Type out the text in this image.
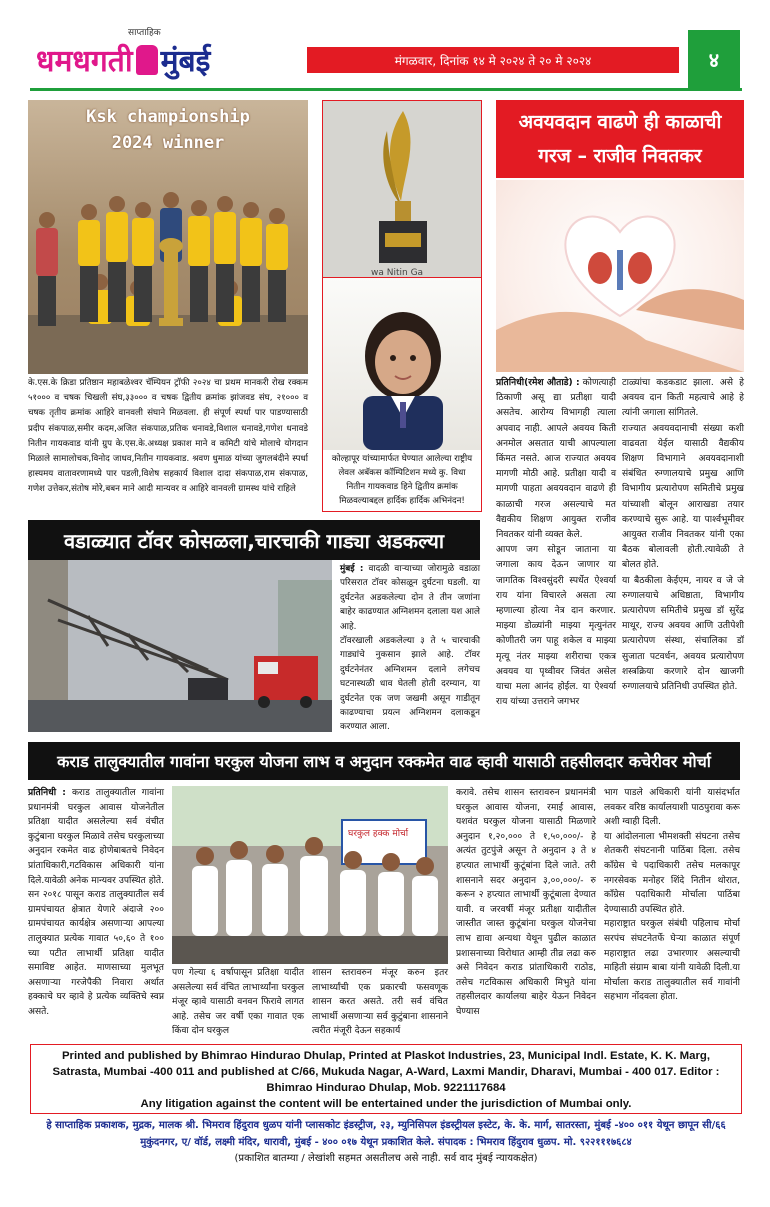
साप्ताहिक
धमधगती मुंबई	मंगळवार, दिनांक १४ मे २०२४ ते २० मे २०२४	४
Ksk championship
2024 winner
के.एस.के क्रिडा प्रतिष्ठान महाबळेश्वर चॅम्पियन ट्रॉफी २०२४ चा प्रथम मानकरी रोख रक्कम ५१००० व चषक चिखली संघ,३३००० व चषक द्वितीय क्रमांक झांजवड संघ, २१००० व चषक तृतीय क्रमांक आहिरे वानवली संघाने मिळवला. ही संपूर्ण स्पर्धा पार पाडण्यासाठी प्रदीप संकपाळ,समीर कदम,अजित संकपाळ,प्रतिक धनावडे,विशाल धनावडे,गणेश धनावडे नितीन गायकवाड यांनी ग्रुप के.एस.के.अध्यक्ष प्रकाश माने व कमिटी यांचे मोलाचे योगदान मिळाले सामालोचक,विनोद जाधव,नितीन गायकवाड. श्रवण धुमाळ यांच्या जुगलबंदीने स्पर्धा हास्यमय वातावरणामध्ये पार पडली,विशेष सहकार्य विशाल दादा संकपाळ,राम संकपाळ, गणेश उत्तेकर,संतोष मोरे,बबन माने आदी मान्यवर व आहिरे वानवली ग्रामस्थ यांचे राहिले
wa Nitin Ga
कोल्हापूर यांच्यामार्फत घेण्यात आलेल्या राष्ट्रीय लेवल अबॅकस कॉम्पिटिशन मध्ये कु. विधा नितीन गायकवाड हिने द्वितीय क्रमांक मिळवल्याबद्दल हार्दिक हार्दिक अभिनंदन!
अवयवदान वाढणे ही काळाची
गरज – राजीव निवतकर
प्रतिनिधी(रमेश औताडे) : कोणत्याही ठिकाणी असू द्या प्रतीक्षा यादी असतेच. आरोग्य विभागही त्याला अपवाद नाही. आपले अवयव किती अनमोल असतात याची आपल्याला किंमत नसते. आज राज्यात अवयव मागणी मोठी आहे. प्रतीक्षा यादी व मागणी पाहता अवयवदान वाढणे ही काळाची गरज असल्याचे मत वैद्यकीय शिक्षण आयुक्त राजीव निवतकर यांनी व्यक्त केले.
आपण जग सोडून जाताना या जगाला काय देऊन जाणार या जागतिक विश्वसुंदरी स्पर्धेत ऐश्वर्या राय यांना विचारले असता त्या म्हणाल्या होत्या नेत्र दान करणार. माझ्या डोळ्यांनी माझ्या मृत्युनंतर कोणीतरी जग पाहू शकेल व माझ्या मृत्यू नंतर माझ्या शरीराचा एकत्र अवयव या पृथ्वीवर जिवंत असेल याचा मला आनंद होईल. या ऐश्वर्या राय यांच्या उत्तराने जगभर
टाळ्यांचा कडकडाट झाला. असे हे अवयव दान किती महत्वाचे आहे हे त्यांनी जगाला सांगितले.
राज्यात अवयवदानाची संख्या कशी वाढवता येईल यासाठी वैद्यकीय शिक्षण विभागाने अवयवदानाशी संबंधित रुग्णालयाचे प्रमुख आणि विभागीय प्रत्यारोपण समितीचे प्रमुख यांच्याशी बोलून आराखडा तयार करण्याचे सुरू आहे. या पार्श्वभूमीवर आयुक्त राजीव निवतकर यांनी एका बैठक बोलावली होती.त्यावेळी ते बोलत होते.
या बैठकीला केईएम, नायर व जे जे रुग्णालयाचे अधिष्ठाता, विभागीय प्रत्यारोपण समितीचे प्रमुख डॉ सुरेंद्र माथूर, राज्य अवयव आणि उतीपेशी प्रत्यारोपण संस्था, संचालिका डॉ सुजाता पटवर्धन, अवयव प्रत्यारोपण शस्त्रक्रिया करणारे दोन खाजगी रुग्णालयाचे प्रतिनिधी उपस्थित होते.
वडाळ्यात टॉवर कोसळला,चारचाकी गाड्या अडकल्या
मुंबई : वादळी वाऱ्याच्या जोरामुळे वडाळा परिसरात टॉवर कोसळून दुर्घटना घडली. या दुर्घटनेत अडकलेल्या दोन ते तीन जणांना बाहेर काढण्यात अग्निशमन दलाला यश आले आहे.
टॉवरखाली अडकलेल्या ३ ते ५ चारचाकी गाड्यांचे नुकसान झाले आहे. टॉवर दुर्घटनेनंतर अग्निशमन दलाने लगेचच घटनास्थळी धाव घेतली होती दरम्यान, या दुर्घटनेत एक जण जखमी असून गाडीतून काढण्याचा प्रयत्न अग्निशमन दलाकडून करण्यात आला.
कराड तालुक्यातील गावांना घरकुल योजना लाभ व अनुदान रक्कमेत वाढ व्हावी यासाठी तहसीलदार कचेरीवर मोर्चा
प्रतिनिधी : कराड तालुक्यातील गावांना प्रधानमंत्री घरकुल आवास योजनेतील प्रतिक्षा यादीत असलेल्या सर्व वंचीत कुटुंबाना घरकुल मिळावे तसेच घरकुलाच्या अनुदान रकमेत वाढ होणेबाबतचे निवेदन प्रांताधिकारी,गटविकास अधिकारी यांना दिले.यावेळी अनेक मान्यवर उपस्थित होते. सन २०१८ पासून कराड तालुक्यातील सर्व ग्रामपंचायत क्षेत्रात येणारे अंदाजे २०० ग्रामपंचायत कार्यक्षेत्र असणाऱ्या आपल्या तालुक्यात प्रत्येक गावात ५०,६० ते १०० च्या पटीत लाभार्थी प्रतिक्षा यादीत समाविष्ट आहेत. माणसाच्या मुलभूत असणाऱ्या गरजेपैकी निवारा अर्थात हक्काचे घर व्हावे हे प्रत्येक व्यक्तिचे स्वप्न असते.
घरकुल हक्क मोर्चा
पण गेल्या ६ वर्षापासून प्रतिक्षा यादीत असलेल्या सर्व वंचित लाभार्थ्यांना घरकुल मंजूर व्हावे यासाठी वनवन फिरावे लागत आहे. तसेच जर वर्षी एका गावात एक किंवा दोन घरकुल
शासन स्तरावरुन मंजूर करुन इतर लाभार्थ्यांची एक प्रकारची फसवणूक शासन करत असते. तरी सर्व वंचित लाभार्थी असणाऱ्या सर्व कुटुंबाना शासनाने त्वरीत मंजूरी देऊन सहकार्य
करावे. तसेच शासन स्तरावरुन प्रधानमंत्री घरकुल आवास योजना, रमाई आवास, यशवंत घरकुल योजना यासाठी मिळणारे अनुदान १,२०,००० ते १,५०,०००/- हे अत्यंत तुटपुंजे असून ते अनुदान ३ ते ४ हप्त्यात लाभार्थी कुटूंबांना दिले जाते. तरी शासनाने सदर अनुदान ३,००,०००/- रु करून २ हप्त्यात लाभार्थी कुटूंबाला देण्यात यावी. व जरवर्षी मंजूर प्रतीक्षा यादीतील जास्तीत जास्त कुटूंबांना घरकुल योजनेचा लाभ द्यावा अन्यथा येथून पुढील काळात प्रशासनाच्या विरोधात आम्ही तीव्र लढा करु असे निवेदन कराड प्रांताधिकारी राठोड, तसेच गटविकास अधिकारी मिभुते यांना तहसीलदार कार्यालया बाहेर येऊन निवेदन घेण्यास
भाग पाडले अधिकारी यांनी यासंदर्भात लवकर वरिष्ठ कार्यालयाशी पाठपुरावा करू अशी ग्वाही दिली.
या आंदोलनाला भीमशक्ती संघटना तसेच शेतकरी संघटनानी पाठिंबा दिला. तसेच कॉंग्रेस चे पदाधिकारी तसेच मलकापूर नगरसेवक मनोहर शिंदे नितीन थोरात, कॉंग्रेस पदाधिकारी मोर्चाला पाठिंबा देण्यासाठी उपस्थित होते.
महाराष्ट्रात घरकुल संबंधी पहिलाच मोर्चा सरपंच संघटनेतर्फे घेऱ्या काळात संपूर्ण महाराष्ट्रात लढा उभारणार असल्याची माहिती संग्राम बाबा यांनी यावेळी दिली.या मोर्चाला कराड तालुक्यातील सर्व गावांनी सहभाग नोंदवला होता.
Printed and published by Bhimrao Hindurao Dhulap, Printed at Plaskot Industries, 23, Municipal Indl. Estate, K. K. Marg, Satrasta, Mumbai -400 011 and published at C/66, Mukuda Nagar, A-Ward, Laxmi Mandir, Dharavi, Mumbai - 400 017. Editor : Bhimrao Hindurao Dhulap, Mob. 9221117684
Any litigation against the content will be entertained under the jurisdiction of Mumbai only.
हे साप्ताहिक प्रकाशक, मुद्रक, मालक श्री. भिमराव हिंदुराव धुळप यांनी प्लासकोट इंडस्ट्रीज, २३, म्युनिसिपल इंडस्ट्रीयल इस्टेट, के. के. मार्ग, सातरस्ता, मुंबई -४०० ०११ येथून छापून सी/६६ मुकुंदनगर, ए/ वॉर्ड, लक्ष्मी मंदिर, धारावी, मुंबई - ४०० ०१७ येथून प्रकाशित केले. संपादक : भिमराव हिंदुराव धुळप. मो. ९२२१११७६८४
(प्रकाशित बातम्या / लेखांशी सहमत असतीलच असे नाही. सर्व वाद मुंबई न्यायकक्षेत)
